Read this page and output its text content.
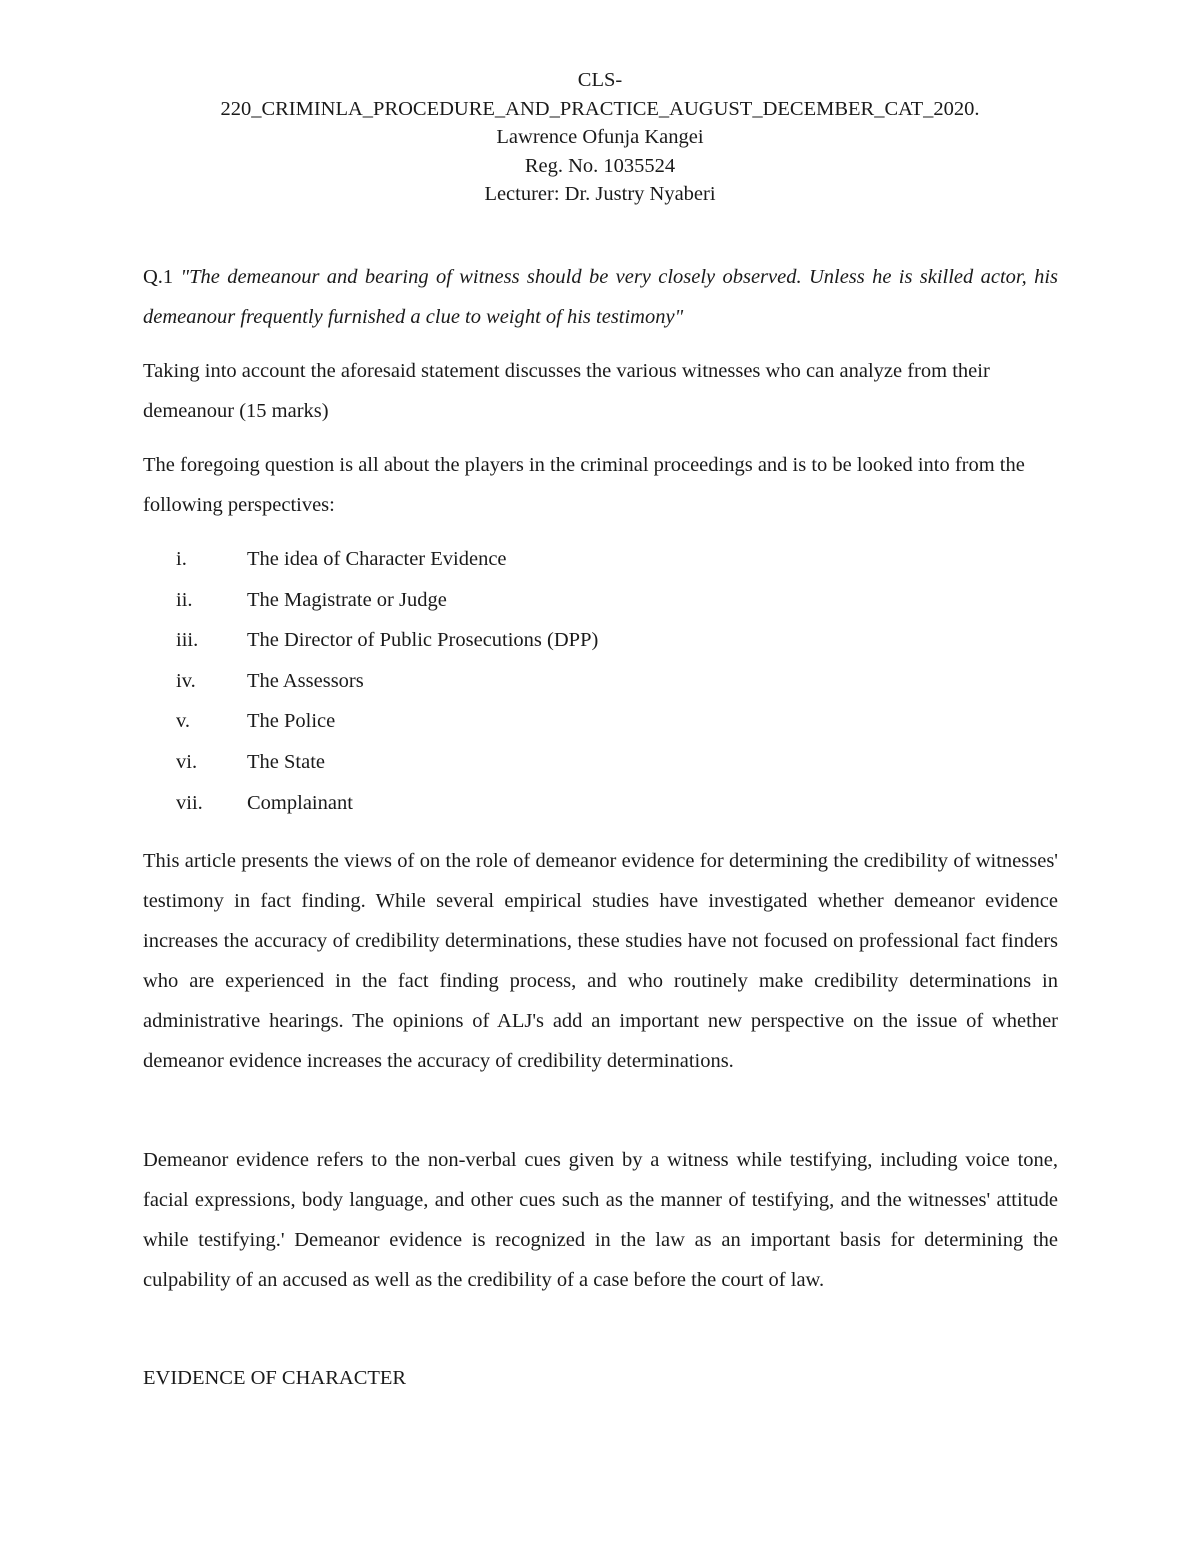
CLS-
220_CRIMINLA_PROCEDURE_AND_PRACTICE_AUGUST_DECEMBER_CAT_2020.
Lawrence Ofunja Kangei
Reg. No. 1035524
Lecturer: Dr. Justry Nyaberi
Q.1 "The demeanour and bearing of witness should be very closely observed. Unless he is skilled actor, his demeanour frequently furnished a clue to weight of his testimony"
Taking into account the aforesaid statement discusses the various witnesses who can analyze from their demeanour (15 marks)
The foregoing question is all about the players in the criminal proceedings and is to be looked into from the following perspectives:
i.	The idea of Character Evidence
ii.	The Magistrate or Judge
iii. The Director of Public Prosecutions (DPP)
iv.	The Assessors
v.	The Police
vi. The State
vii. Complainant
This article presents the views of on the role of demeanor evidence for determining the credibility of witnesses' testimony in fact finding. While several empirical studies have investigated whether demeanor evidence increases the accuracy of credibility determinations, these studies have not focused on professional fact finders who are experienced in the fact finding process, and who routinely make credibility determinations in administrative hearings. The opinions of ALJ's add an important new perspective on the issue of whether demeanor evidence increases the accuracy of credibility determinations.
Demeanor evidence refers to the non-verbal cues given by a witness while testifying, including voice tone, facial expressions, body language, and other cues such as the manner of testifying, and the witnesses' attitude while testifying.' Demeanor evidence is recognized in the law as an important basis for determining the culpability of an accused as well as the credibility of a case before the court of law.
EVIDENCE OF CHARACTER
